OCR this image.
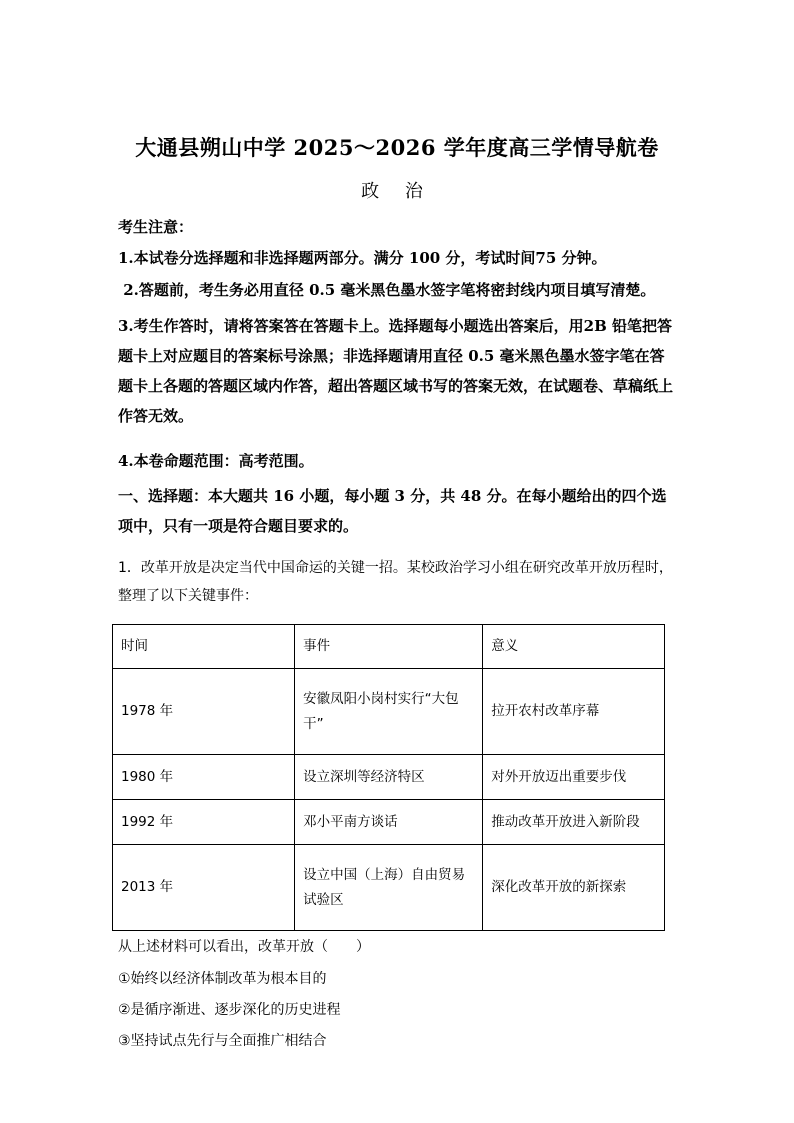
大通县朔山中学 2025～2026 学年度高三学情导航卷
政 治
考生注意：
1.本试卷分选择题和非选择题两部分。满分 100 分，考试时间75 分钟。
2.答题前，考生务必用直径 0.5 毫米黑色墨水签字笔将密封线内项目填写清楚。
3.考生作答时，请将答案答在答题卡上。选择题每小题选出答案后，用2B 铅笔把答题卡上对应题目的答案标号涂黑；非选择题请用直径 0.5 毫米黑色墨水签字笔在答题卡上各题的答题区域内作答，超出答题区域书写的答案无效，在试题卷、草稿纸上作答无效。
4.本卷命题范围：高考范围。
一、选择题：本大题共 16 小题，每小题 3 分，共 48 分。在每小题给出的四个选项中，只有一项是符合题目要求的。
1．改革开放是决定当代中国命运的关键一招。某校政治学习小组在研究改革开放历程时，整理了以下关键事件：
时间	事件	意义
1978 年	安徽凤阳小岗村实行“大包干”	拉开农村改革序幕
1980 年	设立深圳等经济特区	对外开放迈出重要步伐
1992 年	邓小平南方谈话	推动改革开放进入新阶段
2013 年	设立中国（上海）自由贸易试验区	深化改革开放的新探索
从上述材料可以看出，改革开放（　　）
①始终以经济体制改革为根本目的
②是循序渐进、逐步深化的历史进程
③坚持试点先行与全面推广相结合
